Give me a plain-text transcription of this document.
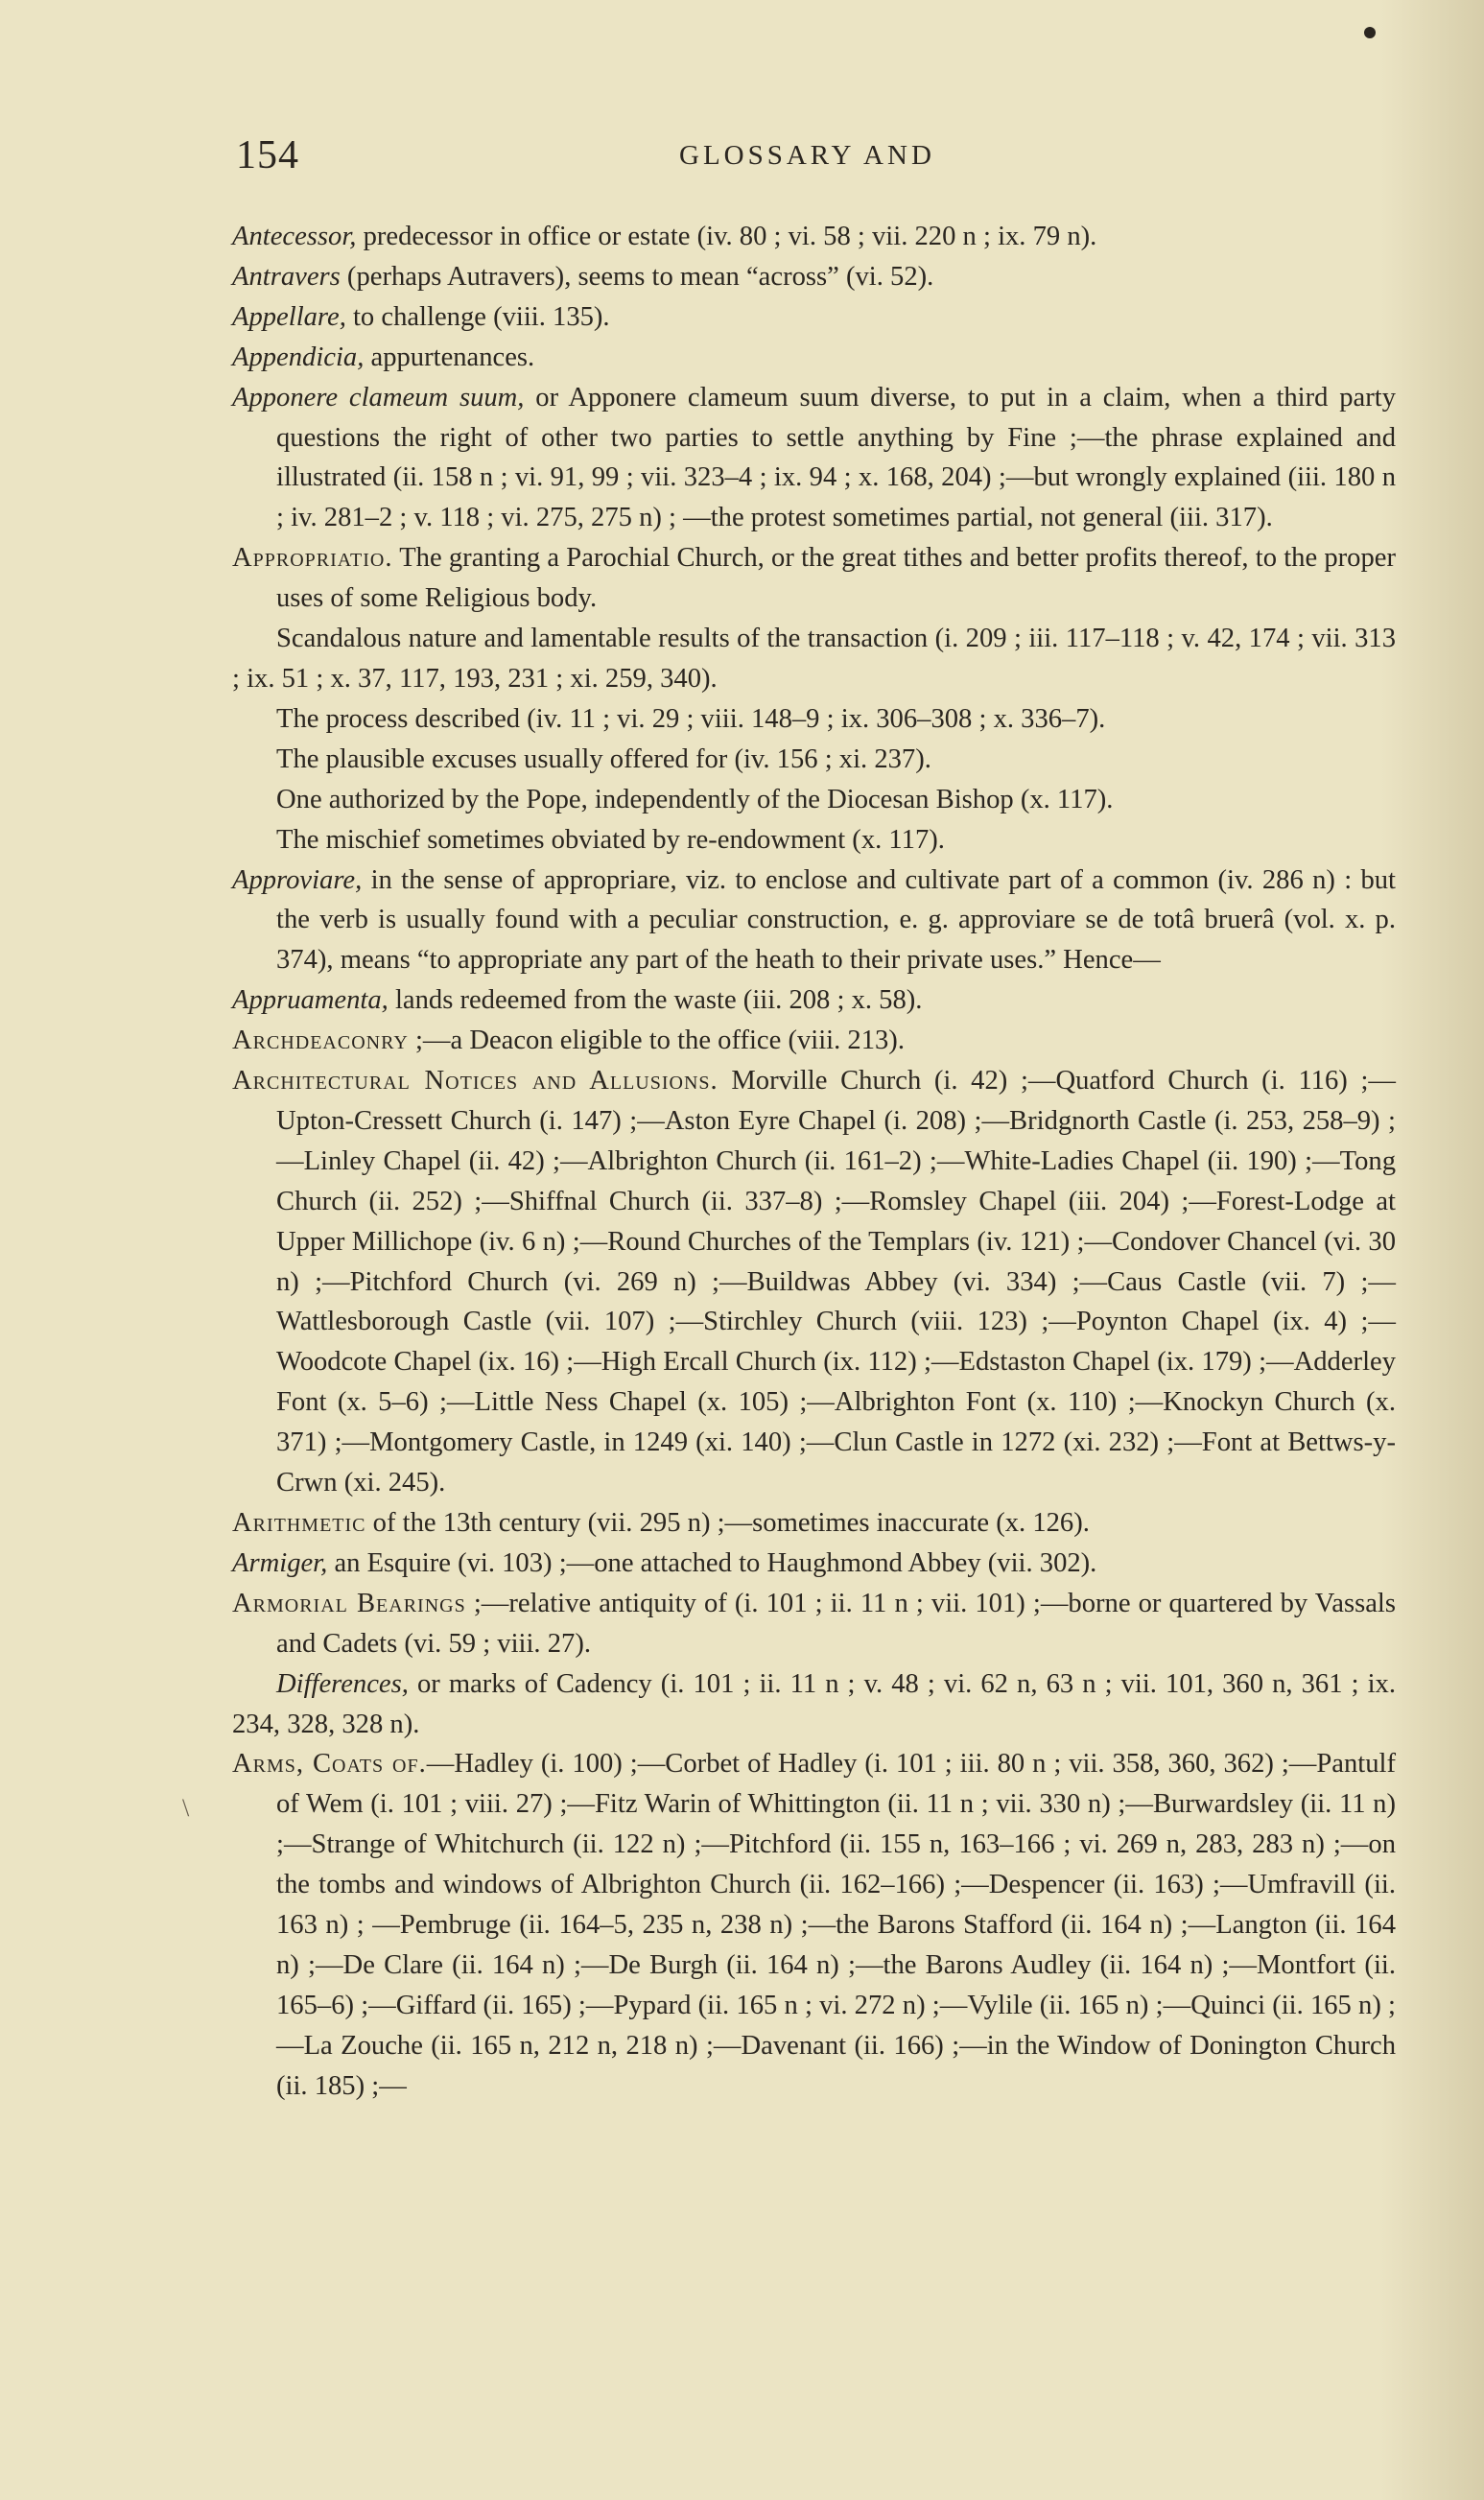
154	GLOSSARY AND
\

Antecessor, predecessor in office or estate (iv. 80 ; vi. 58 ; vii. 220 n ; ix. 79 n).

Antravers (perhaps Autravers), seems to mean “across” (vi. 52).

Appellare, to challenge (viii. 135).

Appendicia, appurtenances.

Apponere clameum suum, or Apponere clameum suum diverse, to put in a claim, when a third party questions the right of other two parties to settle anything by Fine ;—the phrase explained and illustrated (ii. 158 n ; vi. 91, 99 ; vii. 323–4 ; ix. 94 ; x. 168, 204) ;—but wrongly explained (iii. 180 n ; iv. 281–2 ; v. 118 ; vi. 275, 275 n) ; —the protest sometimes partial, not general (iii. 317).

Appropriatio. The granting a Parochial Church, or the great tithes and better profits thereof, to the proper uses of some Religious body.

Scandalous nature and lamentable results of the transaction (i. 209 ; iii. 117–118 ; v. 42, 174 ; vii. 313 ; ix. 51 ; x. 37, 117, 193, 231 ; xi. 259, 340).

The process described (iv. 11 ; vi. 29 ; viii. 148–9 ; ix. 306–308 ; x. 336–7).

The plausible excuses usually offered for (iv. 156 ; xi. 237).

One authorized by the Pope, independently of the Diocesan Bishop (x. 117).

The mischief sometimes obviated by re-endowment (x. 117).

Approviare, in the sense of appropriare, viz. to enclose and cultivate part of a common (iv. 286 n) : but the verb is usually found with a peculiar construction, e. g. approviare se de totâ bruerâ (vol. x. p. 374), means “to appropriate any part of the heath to their private uses.” Hence—

Appruamenta, lands redeemed from the waste (iii. 208 ; x. 58).

Archdeaconry ;—a Deacon eligible to the office (viii. 213).

Architectural Notices and Allusions. Morville Church (i. 42) ;—Quatford Church (i. 116) ;—Upton-Cressett Church (i. 147) ;—Aston Eyre Chapel (i. 208) ;—Bridgnorth Castle (i. 253, 258–9) ;—Linley Chapel (ii. 42) ;—Albrighton Church (ii. 161–2) ;—White-Ladies Chapel (ii. 190) ;—Tong Church (ii. 252) ;—Shiffnal Church (ii. 337–8) ;—Romsley Chapel (iii. 204) ;—Forest-Lodge at Upper Millichope (iv. 6 n) ;—Round Churches of the Templars (iv. 121) ;—Condover Chancel (vi. 30 n) ;—Pitchford Church (vi. 269 n) ;—Buildwas Abbey (vi. 334) ;—Caus Castle (vii. 7) ;—Wattlesborough Castle (vii. 107) ;—Stirchley Church (viii. 123) ;—Poynton Chapel (ix. 4) ;—Woodcote Chapel (ix. 16) ;—High Ercall Church (ix. 112) ;—Edstaston Chapel (ix. 179) ;—Adderley Font (x. 5–6) ;—Little Ness Chapel (x. 105) ;—Albrighton Font (x. 110) ;—Knockyn Church (x. 371) ;—Montgomery Castle, in 1249 (xi. 140) ;—Clun Castle in 1272 (xi. 232) ;—Font at Bettws-y-Crwn (xi. 245).

Arithmetic of the 13th century (vii. 295 n) ;—sometimes inaccurate (x. 126).

Armiger, an Esquire (vi. 103) ;—one attached to Haughmond Abbey (vii. 302).

Armorial Bearings ;—relative antiquity of (i. 101 ; ii. 11 n ; vii. 101) ;—borne or quartered by Vassals and Cadets (vi. 59 ; viii. 27).

Differences, or marks of Cadency (i. 101 ; ii. 11 n ; v. 48 ; vi. 62 n, 63 n ; vii. 101, 360 n, 361 ; ix. 234, 328, 328 n).

Arms, Coats of.—Hadley (i. 100) ;—Corbet of Hadley (i. 101 ; iii. 80 n ; vii. 358, 360, 362) ;—Pantulf of Wem (i. 101 ; viii. 27) ;—Fitz Warin of Whittington (ii. 11 n ; vii. 330 n) ;—Burwardsley (ii. 11 n) ;—Strange of Whitchurch (ii. 122 n) ;—Pitchford (ii. 155 n, 163–166 ; vi. 269 n, 283, 283 n) ;—on the tombs and windows of Albrighton Church (ii. 162–166) ;—Despencer (ii. 163) ;—Umfravill (ii. 163 n) ; —Pembruge (ii. 164–5, 235 n, 238 n) ;—the Barons Stafford (ii. 164 n) ;—Langton (ii. 164 n) ;—De Clare (ii. 164 n) ;—De Burgh (ii. 164 n) ;—the Barons Audley (ii. 164 n) ;—Montfort (ii. 165–6) ;—Giffard (ii. 165) ;—Pypard (ii. 165 n ; vi. 272 n) ;—Vylile (ii. 165 n) ;—Quinci (ii. 165 n) ;—La Zouche (ii. 165 n, 212 n, 218 n) ;—Davenant (ii. 166) ;—in the Window of Donington Church (ii. 185) ;—
